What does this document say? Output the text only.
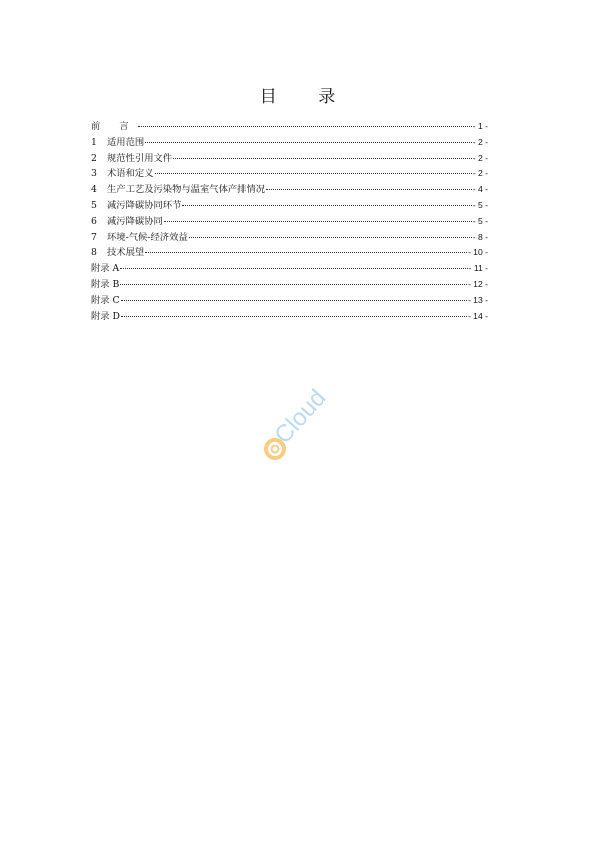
目 录
前 言	- 1 -
1	适用范围	- 2 -
2	规范性引用文件	- 2 -
3	术语和定义	- 2 -
4	生产工艺及污染物与温室气体产排情况	- 4 -
5	减污降碳协同环节	- 5 -
6	减污降碳协同	- 5 -
7	环境-气候-经济效益	- 8 -
8	技术展望	- 10 -
附录 A	- 11 -
附录 B	- 12 -
附录 C	- 13 -
附录 D	- 14 -
Cloud
